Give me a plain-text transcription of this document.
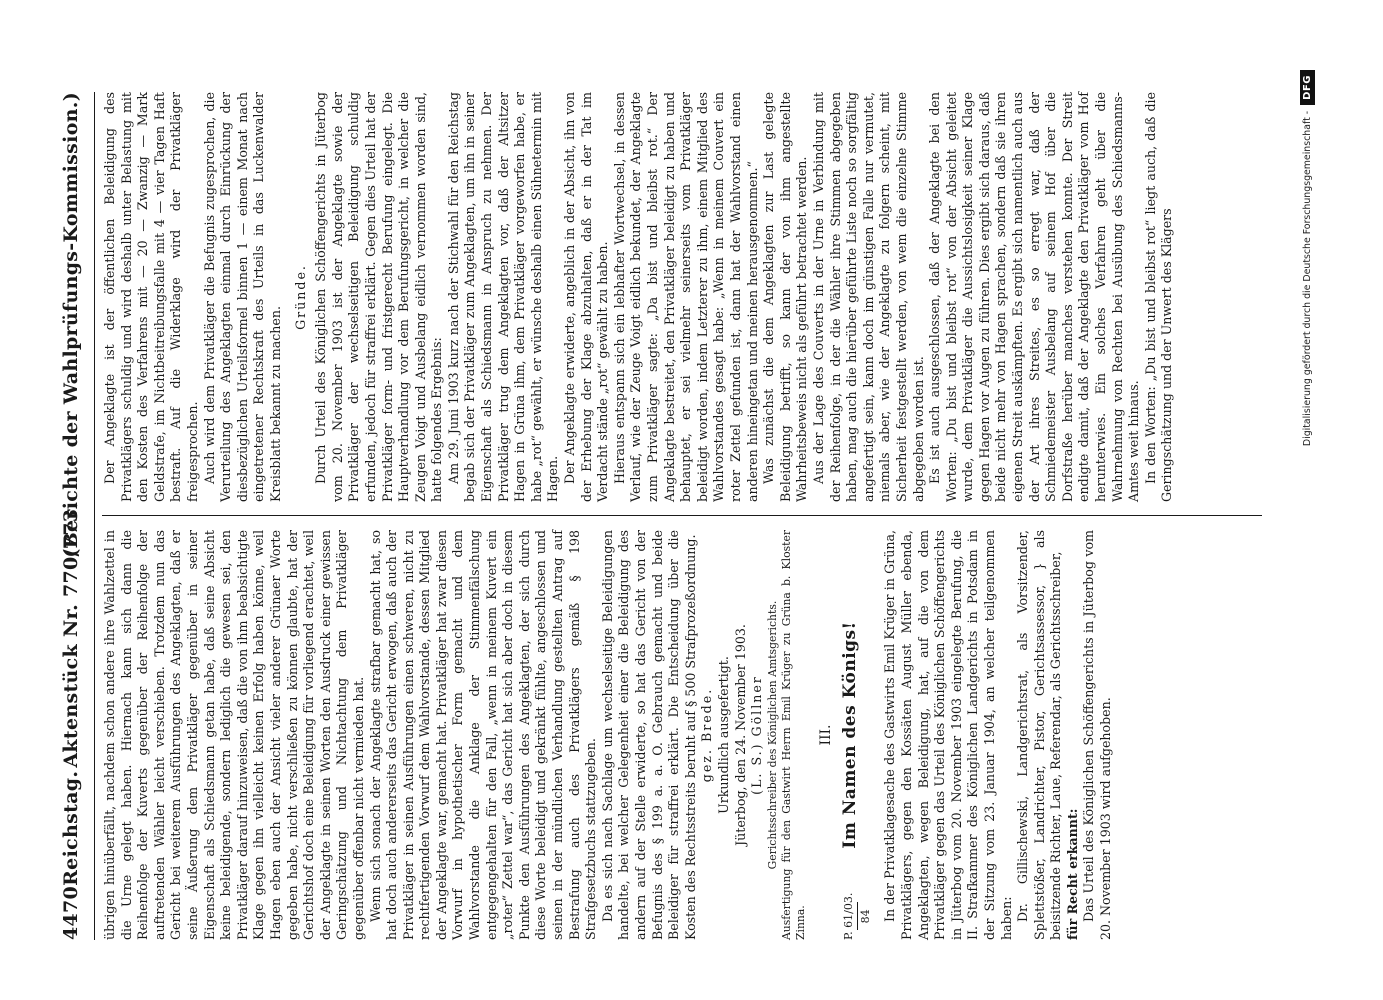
4470
Reichstag.
Aktenstück Nr. 770/773.
(Berichte der Wahlprüfungs-Kommission.)

übrigen hinüberfällt, nachdem schon andere ihre Wahlzettel in die Urne gelegt haben. Hiernach kann sich dann die Reihenfolge der Kuverts gegenüber der Reihenfolge der auftretenden Wähler leicht verschieben. Trotzdem nun das Gericht bei weiterem Ausführungen des Angeklagten, daß er seine Äußerung dem Privatkläger gegenüber in seiner Eigenschaft als Schiedsmann getan habe, daß seine Absicht keine beleidigende, sondern lediglich die gewesen sei, den Privatkläger darauf hinzuweisen, daß die von ihm beabsichtigte Klage gegen ihn vielleicht keinen Erfolg haben könne, weil Hagen eben auch der Ansicht vieler anderer Grünaer Worte gegeben habe, nicht verschließen zu können glaubte, hat der Gerichtshof doch eine Beleidigung für vorliegend erachtet, weil der Angeklagte in seinen Worten den Ausdruck einer gewissen Geringschätzung und Nichtachtung dem Privatkläger gegenüber offenbar nicht vermieden hat. Wenn sich sonach der Angeklagte strafbar gemacht hat, so hat doch auch andererseits das Gericht erwogen, daß auch der Privatkläger in seinen Ausführungen einen schweren, nicht zu rechtfertigenden Vorwurf dem Wahlvorstande, dessen Mitglied der Angeklagte war, gemacht hat. Privatkläger hat zwar diesen Vorwurf in hypothetischer Form gemacht und dem Wahlvorstande die Anklage der Stimmenfälschung entgegengehalten für den Fall, „wenn in meinem Kuvert ein „roter“ Zettel war“, das Gericht hat sich aber doch in diesem Punkte den Ausführungen des Angeklagten, der sich durch diese Worte beleidigt und gekränkt fühlte, angeschlossen und seinen in der mündlichen Verhandlung gestellten Antrag auf Bestrafung auch des Privatklägers gemäß § 198 Strafgesetzbuchs stattzugeben. Da es sich nach Sachlage um wechselseitige Beleidigungen handelte, bei welcher Gelegenheit einer die Beleidigung des andern auf der Stelle erwiderte, so hat das Gericht von der Befugnis des § 199 a. a. O. Gebrauch gemacht und beide Beleidiger für straffrei erklärt. Die Entscheidung über die Kosten des Rechtsstreits beruht auf § 500 Strafprozeßordnung. gez. Brede. Urkundlich ausgefertigt. Jüterbog, den 24. November 1903. (L. S.) Göllner Gerichtsschreiber des Königlichen Amtsgerichts. Ausfertigung für den Gastwirt Herrn Emil Krüger zu Grüna b. Kloster Zinna.

III.
P. 61/03. 84
Im Namen des Königs! In der Privatklagesache des Gastwirts Emil Krüger in Grüna, Privatklägers, gegen den Kossäten August Müller ebenda, Angeklagten, wegen Beleidigung, hat, auf die von dem Privatkläger gegen das Urteil des Königlichen Schöffengerichts in Jüterbog vom 20. November 1903 eingelegte Berufung, die II. Strafkammer des Königlichen Landgerichts in Potsdam in der Sitzung vom 23. Januar 1904, an welcher teilgenommen haben: Dr. Gillischewski, Landgerichtsrat, als Vorsitzender, Splettstößer, Landrichter, Pistor, Gerichtsassessor, } als beisitzende Richter, Laue, Referendar, als Gerichtsschreiber, für Recht erkannt: Das Urteil des Königlichen Schöffengerichts in Jüterbog vom 20. November 1903 wird aufgehoben.

Der Angeklagte ist der öffentlichen Beleidigung des Privatklägers schuldig und wird deshalb unter Belastung mit den Kosten des Verfahrens mit — 20 — Zwanzig — Mark Geldstrafe, im Nichtbeitreibungsfalle mit 4 — vier Tagen Haft bestraft. Auf die Widerklage wird der Privatkläger freigesprochen. Auch wird dem Privatkläger die Befugnis zugesprochen, die Verurteilung des Angeklagten einmal durch Einrückung der diesbezüglichen Urteilsformel binnen 1 — einem Monat nach eingetretener Rechtskraft des Urteils in das Luckenwalder Kreisblatt bekannt zu machen.

Gründe. Durch Urteil des Königlichen Schöffengerichts in Jüterbog vom 20. November 1903 ist der Angeklagte sowie der Privatkläger der wechselseitigen Beleidigung schuldig erfunden, jedoch für straffrei erklärt. Gegen dies Urteil hat der Privatkläger form- und fristgerecht Berufung eingelegt. Die Hauptverhandlung vor dem Berufungsgericht, in welcher die Zeugen Voigt und Ausbelang eidlich vernommen worden sind, hatte folgendes Ergebnis: Am 29. Juni 1903 kurz nach der Stichwahl für den Reichstag begab sich der Privatkläger zum Angeklagten, um ihn in seiner Eigenschaft als Schiedsmann in Anspruch zu nehmen. Der Privatkläger trug dem Angeklagten vor, daß der Altsitzer Hagen in Grüna ihm, dem Privatkläger vorgeworfen habe, er habe „rot“ gewählt, er wünsche deshalb einen Sühnetermin mit Hagen. Der Angeklagte erwiderte, angeblich in der Absicht, ihn von der Erhebung der Klage abzuhalten, daß er in der Tat im Verdacht stände „rot“ gewählt zu haben. Hieraus entspann sich ein lebhafter Wortwechsel, in dessen Verlauf, wie der Zeuge Voigt eidlich bekundet, der Angeklagte zum Privatkläger sagte: „Da bist und bleibst rot.“ Der Angeklagte bestreitet, den Privatkläger beleidigt zu haben und behauptet, er sei vielmehr seinerseits vom Privatkläger beleidigt worden, indem Letzterer zu ihm, einem Mitglied des Wahlvorstandes gesagt habe: „Wenn in meinem Couvert ein roter Zettel gefunden ist, dann hat der Wahlvorstand einen anderen hineingetan und meinen herausgenommen.“ Was zunächst die dem Angeklagten zur Last gelegte Beleidigung betrifft, so kann der von ihm angestellte Wahrheitsbeweis nicht als geführt betrachtet werden. Aus der Lage des Couverts in der Urne in Verbindung mit der Reihenfolge, in der die Wähler ihre Stimmen abgegeben haben, mag auch die hierüber geführte Liste noch so sorgfältig angefertigt sein, kann doch im günstigen Falle nur vermutet, niemals aber, wie der Angeklagte zu folgern scheint, mit Sicherheit festgestellt werden, von wem die einzelne Stimme abgegeben worden ist. Es ist auch ausgeschlossen, daß der Angeklagte bei den Worten: „Du bist und bleibst rot“ von der Absicht geleitet wurde, dem Privatkläger die Aussichtslosigkeit seiner Klage gegen Hagen vor Augen zu führen. Dies ergibt sich daraus, daß beide nicht mehr von Hagen sprachen, sondern daß sie ihren eigenen Streit auskämpften. Es ergibt sich namentlich auch aus der Art ihres Streites, es so erregt war, daß der Schmiedemeister Ausbelang auf seinem Hof über die Dorfstraße herüber manches verstehen konnte. Der Streit endigte damit, daß der Angeklagte den Privatkläger vom Hof herunterwies. Ein solches Verfahren geht über die Wahrnehmung von Rechten bei Ausübung des Schiedsmanns-Amtes weit hinaus. In den Worten: „Du bist und bleibst rot“ liegt auch, daß die Geringschätzung und der Unwert des Klägers	Digitalisierung gefördert durch die Deutsche Forschungsgemeinschaft -
DFG
